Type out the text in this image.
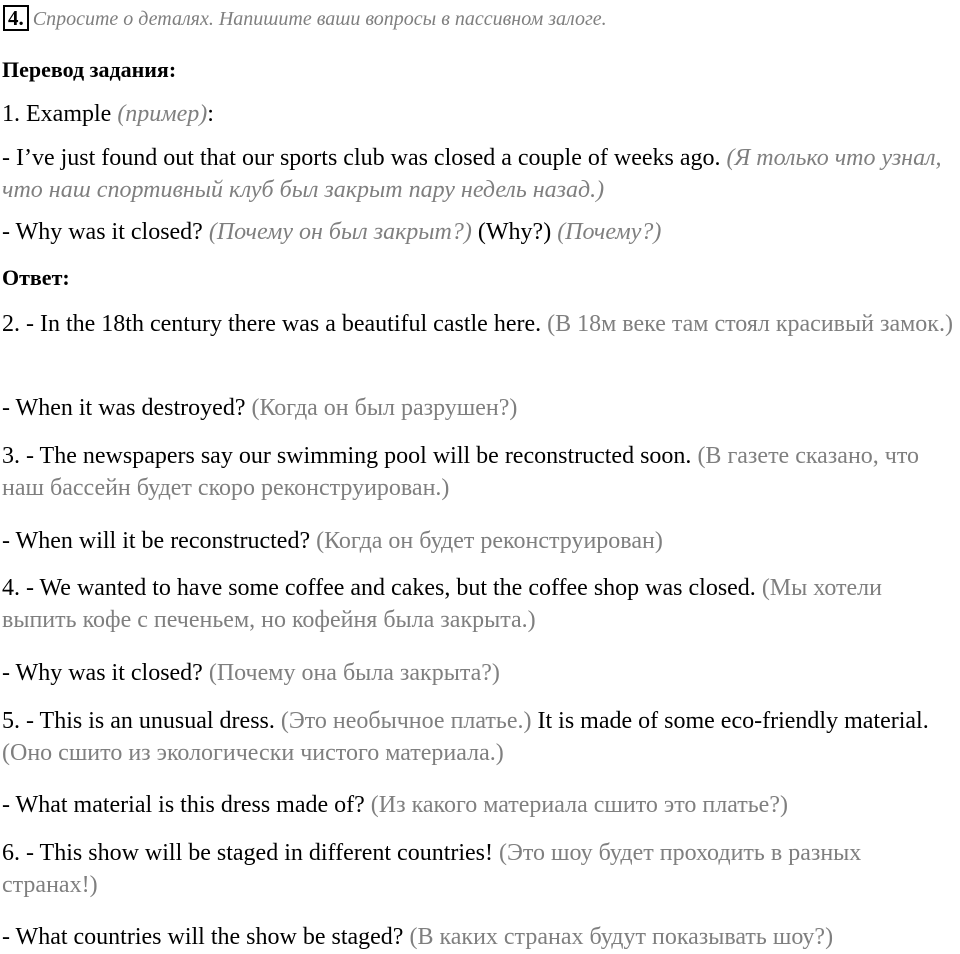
4. Спросите о деталях. Напишите ваши вопросы в пассивном залоге.
Перевод задания:
1. Example (пример):
- I’ve just found out that our sports club was closed a couple of weeks ago. (Я только что узнал, что наш спортивный клуб был закрыт пару недель назад.)
- Why was it closed? (Почему он был закрыт?) (Why?) (Почему?)
Ответ:
2. - In the 18th century there was a beautiful castle here. (В 18м веке там стоял красивый замок.)
- When it was destroyed? (Когда он был разрушен?)
3. - The newspapers say our swimming pool will be reconstructed soon. (В газете сказано, что наш бассейн будет скоро реконструирован.)
- When will it be reconstructed? (Когда он будет реконструирован)
4. - We wanted to have some coffee and cakes, but the coffee shop was closed. (Мы хотели выпить кофе с печеньем, но кофейня была закрыта.)
- Why was it closed? (Почему она была закрыта?)
5. - This is an unusual dress. (Это необычное платье.) It is made of some eco-friendly material. (Оно сшито из экологически чистого материала.)
- What material is this dress made of? (Из какого материала сшито это платье?)
6. - This show will be staged in different countries! (Это шоу будет проходить в разных странах!)
- What countries will the show be staged? (В каких странах будут показывать шоу?)
